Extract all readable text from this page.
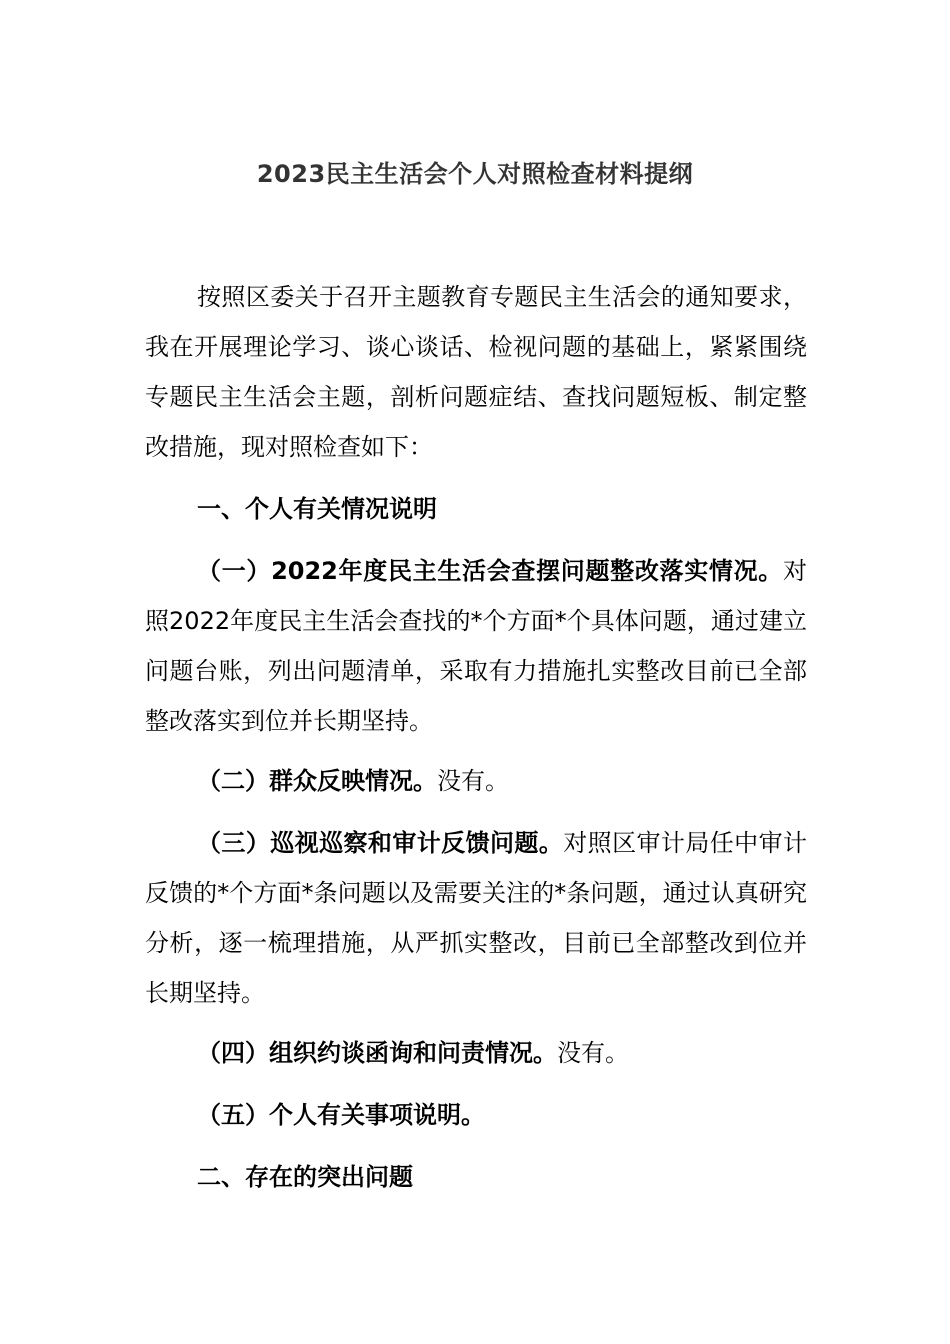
2023民主生活会个人对照检查材料提纲

按照区委关于召开主题教育专题民主生活会的通知要求，我在开展理论学习、谈心谈话、检视问题的基础上，紧紧围绕专题民主生活会主题，剖析问题症结、查找问题短板、制定整改措施，现对照检查如下：

一、个人有关情况说明

（一）2022年度民主生活会查摆问题整改落实情况。对照2022年度民主生活会查找的*个方面*个具体问题，通过建立问题台账，列出问题清单，采取有力措施扎实整改目前已全部整改落实到位并长期坚持。

（二）群众反映情况。没有。

（三）巡视巡察和审计反馈问题。对照区审计局任中审计反馈的*个方面*条问题以及需要关注的*条问题，通过认真研究分析，逐一梳理措施，从严抓实整改，目前已全部整改到位并长期坚持。

（四）组织约谈函询和问责情况。没有。

（五）个人有关事项说明。

二、存在的突出问题
